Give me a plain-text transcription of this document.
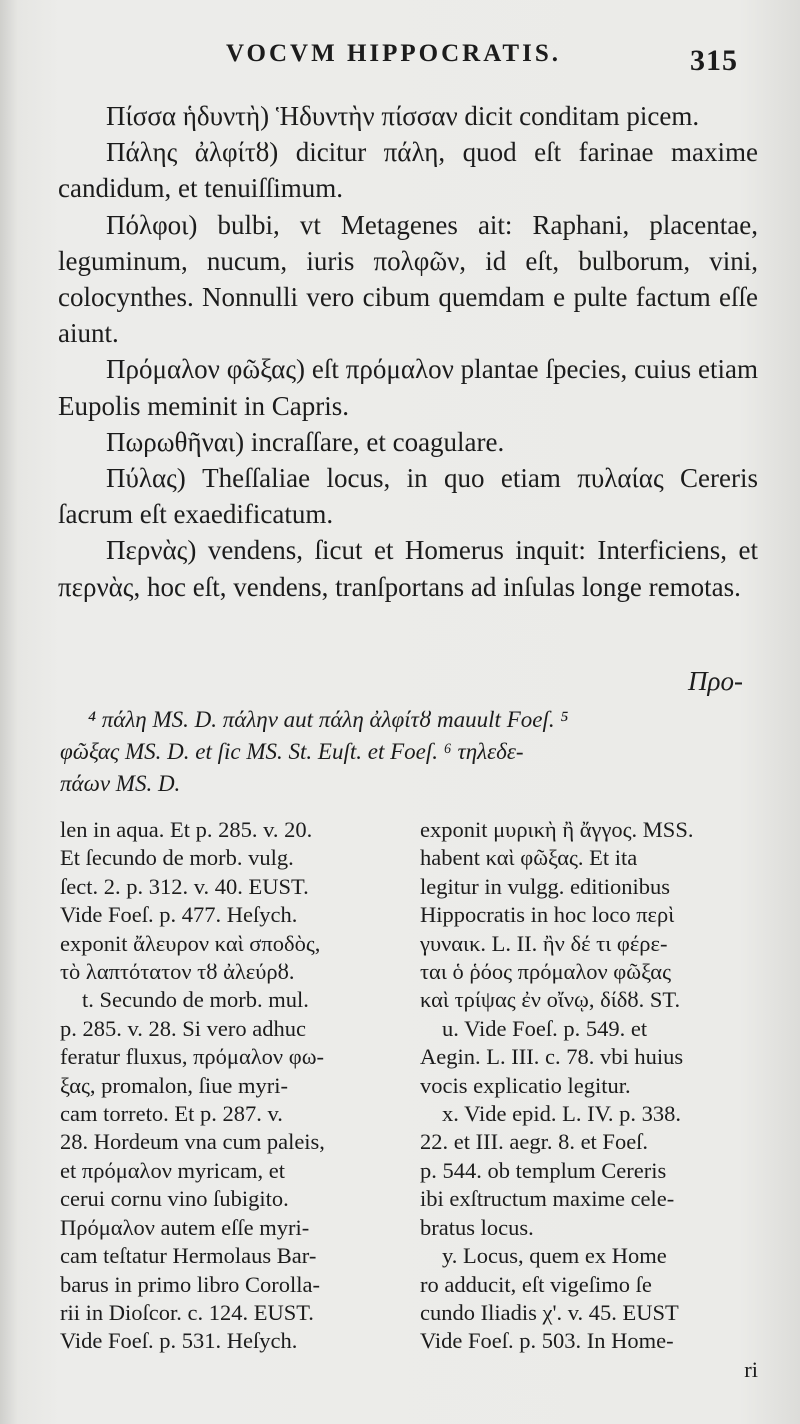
VOCVM HIPPOCRATIS.	315

Πίσσα ἡδυντὴ) Ἡδυντὴν πίσσαν dicit conditam picem.

Πάλης ἀλφίτȣ) dicitur πάλη, quod eſt farinae maxime candidum, et tenuiſſimum.

Πόλφοι) bulbi, vt Metagenes ait: Raphani, placentae, leguminum, nucum, iuris πολφῶν, id eſt, bulborum, vini, colocynthes. Nonnulli vero cibum quemdam e pulte factum eſſe aiunt.

Πρόμαλον φῶξας) eſt πρόμαλον plantae ſpecies, cuius etiam Eupolis meminit in Capris.

Πωρωθῆναι) incraſſare, et coagulare.

Πύλας) Theſſaliae locus, in quo etiam πυλαίας Cereris ſacrum eſt exaedificatum.

Περνὰς) vendens, ſicut et Homerus inquit: Interficiens, et περνὰς, hoc eſt, vendens, tranſportans ad inſulas longe remotas.

Προ-
⁴ πάλη MS. D. πάλην aut πάλη ἀλφίτȣ mauult Foeſ. ⁵
φῶξας MS. D. et ſic MS. St. Euſt. et Foeſ. ⁶ τηλεδε-
πάων MS. D.

len in aqua. Et p. 285. v. 20.
Et ſecundo de morb. vulg.
ſect. 2. p. 312. v. 40. EUST.
Vide Foeſ. p. 477. Heſych.
exponit ἄλευρον καὶ σποδὸς,
τὸ λαπτότατον τȣ ἀλεύρȣ.

t. Secundo de morb. mul.
p. 285. v. 28. Si vero adhuc
feratur fluxus, πρόμαλον φω-
ξας, promalon, ſiue myri-
cam torreto. Et p. 287. v.
28. Hordeum vna cum paleis,
et πρόμαλον myricam, et
cerui cornu vino ſubigito.
Πρόμαλον autem eſſe myri-
cam teſtatur Hermolaus Bar-
barus in primo libro Corolla-
rii in Dioſcor. c. 124. EUST.
Vide Foeſ. p. 531. Heſych.

exponit μυρικὴ ἢ ἄγγος. MSS.
habent καὶ φῶξας. Et ita
legitur in vulgg. editionibus
Hippocratis in hoc loco περὶ
γυναικ. L. II. ἢν δέ τι φέρε-
ται ὁ ῥόος πρόμαλον φῶξας
καὶ τρίψας ἐν οἴνῳ, δίδȣ. ST.

u. Vide Foeſ. p. 549. et
Aegin. L. III. c. 78. vbi huius
vocis explicatio legitur.

x. Vide epid. L. IV. p. 338.
22. et III. aegr. 8. et Foeſ.
p. 544. ob templum Cereris
ibi exſtructum maxime cele-
bratus locus.

y. Locus, quem ex Home
ro adducit, eſt vigeſimo ſe
cundo Iliadis χ'. v. 45. EUST
Vide Foeſ. p. 503. In Home-
ri
